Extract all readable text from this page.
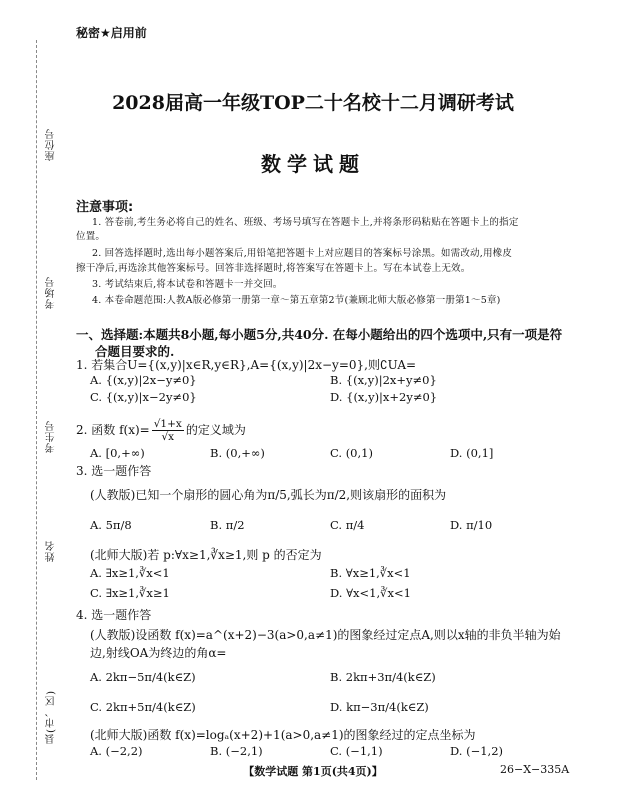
座位号
考场号
考生号
姓名
县(市、区)
秘密★启用前
2028届高一年级TOP二十名校十二月调研考试
数学试题
注意事项:
1. 答卷前,考生务必将自己的姓名、班级、考场号填写在答题卡上,并将条形码粘贴在答题卡上的指定
位置。
2. 回答选择题时,选出每小题答案后,用铅笔把答题卡上对应题目的答案标号涂黑。如需改动,用橡皮
擦干净后,再选涂其他答案标号。回答非选择题时,将答案写在答题卡上。写在本试卷上无效。
3. 考试结束后,将本试卷和答题卡一并交回。
4. 本卷命题范围:人教A版必修第一册第一章～第五章第2节(兼顾北师大版必修第一册第1～5章)
一、选择题:本题共8小题,每小题5分,共40分. 在每小题给出的四个选项中,只有一项是符
合题目要求的.
1. 若集合U={(x,y)|x∈R,y∈R},A={(x,y)|2x−y=0},则∁UA=
A. {(x,y)|2x−y≠0}	B. {(x,y)|2x+y≠0}
C. {(x,y)|x−2y≠0}	D. {(x,y)|x+2y≠0}
2. 函数 $f(x)= \frac{√1+x}{√x}$ 的定义域为
A. [0,+∞)	B. (0,+∞)	C. (0,1)	D. (0,1]
3. 选一题作答
(人教版)已知一个扇形的圆心角为π/5,弧长为π/2,则该扇形的面积为
A. 5π/8	B. π/2	C. π/4	D. π/10
(北师大版)若 p:∀x≥1,∛x≥1,则 p 的否定为
A. ∃x≥1,∛x<1	B. ∀x≥1,∛x<1
C. ∃x≥1,∛x≥1	D. ∀x<1,∛x<1
4. 选一题作答
(人教版)设函数 f(x)=a^(x+2)−3(a>0,a≠1)的图象经过定点A,则以x轴的非负半轴为始
边,射线OA为终边的角α=
A. 2kπ−5π/4(k∈Z)	B. 2kπ+3π/4(k∈Z)
C. 2kπ+5π/4(k∈Z)	D. kπ−3π/4(k∈Z)
(北师大版)函数 f(x)=logₐ(x+2)+1(a>0,a≠1)的图象经过的定点坐标为
A. (−2,2)	B. (−2,1)	C. (−1,1)	D. (−1,2)
【数学试题 第1页(共4页)】	26−X−335A
